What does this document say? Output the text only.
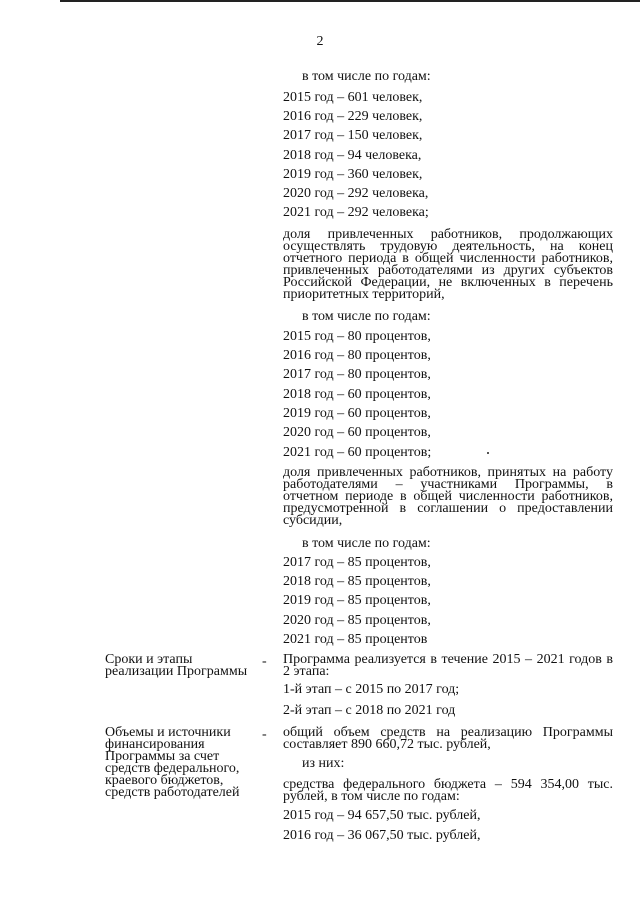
2
в том числе по годам:
2015 год – 601 человек,
2016 год – 229 человек,
2017 год – 150 человек,
2018 год – 94 человека,
2019 год – 360 человек,
2020 год – 292 человека,
2021 год – 292 человека;
доля привлеченных работников, продолжающих осуществлять трудовую деятельность, на конец отчетного периода в общей численности работников, привлеченных работодателями из других субъектов Российской Федерации, не включенных в перечень приоритетных территорий,
в том числе по годам:
2015 год – 80 процентов,
2016 год – 80 процентов,
2017 год – 80 процентов,
2018 год – 60 процентов,
2019 год – 60 процентов,
2020 год – 60 процентов,
2021 год – 60 процентов;
доля привлеченных работников, принятых на работу работодателями – участниками Программы, в отчетном периоде в общей численности работников, предусмотренной в соглашении о предоставлении субсидии,
в том числе по годам:
2017 год – 85 процентов,
2018 год – 85 процентов,
2019 год – 85 процентов,
2020 год – 85 процентов,
2021 год – 85 процентов
Сроки и этапы реализации Программы
- Программа реализуется в течение 2015 – 2021 годов в 2 этапа:
1-й этап – с 2015 по 2017 год;
2-й этап – с 2018 по 2021 год
Объемы и источники финансирования Программы за счет средств федерального, краевого бюджетов, средств работодателей
- общий объем средств на реализацию Программы составляет 890 660,72 тыс. рублей,
из них:
средства федерального бюджета – 594 354,00 тыс. рублей, в том числе по годам:
2015 год – 94 657,50 тыс. рублей,
2016 год – 36 067,50 тыс. рублей,
